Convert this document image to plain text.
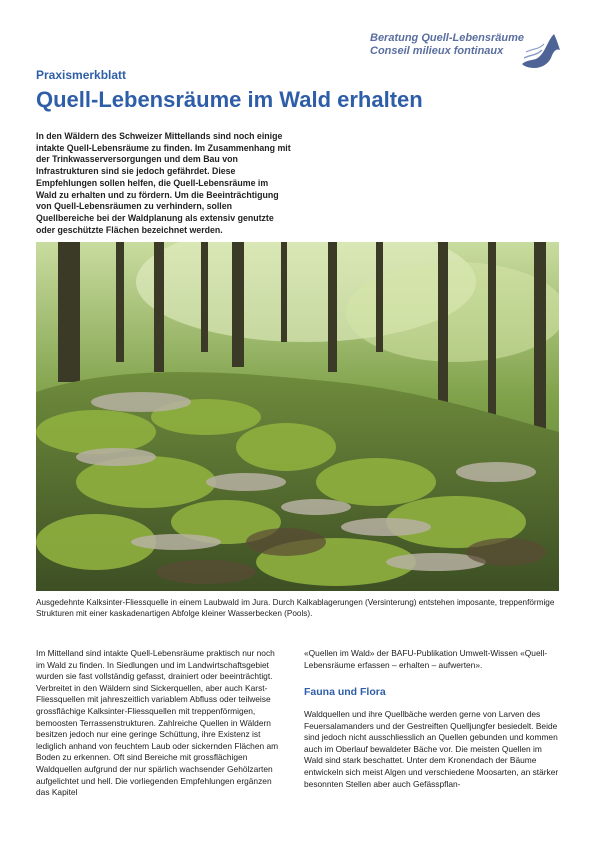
Beratung Quell-Lebensräume
Conseil milieux fontinaux
Praxismerkblatt
Quell-Lebensräume im Wald erhalten

In den Wäldern des Schweizer Mittellands sind noch einige intakte Quell-Lebensräume zu finden. Im Zusammenhang mit der Trinkwasserversorgungen und dem Bau von Infrastrukturen sind sie jedoch gefährdet. Diese Empfehlungen sollen helfen, die Quell-Lebensräume im Wald zu erhalten und zu fördern. Um die Beeinträchtigung von Quell-Lebensräumen zu verhindern, sollen Quellbereiche bei der Waldplanung als extensiv genutzte oder geschützte Flächen bezeichnet werden.

Ausgedehnte Kalksinter-Fliessquelle in einem Laubwald im Jura. Durch Kalkablagerungen (Versinterung) entstehen imposante, treppenförmige Strukturen mit einer kaskadenartigen Abfolge kleiner Wasserbecken (Pools).

Im Mittelland sind intakte Quell-Lebensräume praktisch nur noch im Wald zu finden. In Siedlungen und im Landwirtschaftsgebiet wurden sie fast vollständig gefasst, drainiert oder beeinträchtigt. Verbreitet in den Wäldern sind Sickerquellen, aber auch Karst-Fliessquellen mit jahreszeitlich variablem Abfluss oder teilweise grossflächige Kalksinter-Fliessquellen mit treppenförmigen, bemoosten Terrassenstrukturen. Zahlreiche Quellen in Wäldern besitzen jedoch nur eine geringe Schüttung, ihre Existenz ist lediglich anhand von feuchtem Laub oder sickernden Flächen am Boden zu erkennen. Oft sind Bereiche mit grossflächigen Waldquellen aufgrund der nur spärlich wachsender Gehölzarten aufgelichtet und hell. Die vorliegenden Empfehlungen ergänzen das Kapitel

«Quellen im Wald» der BAFU-Publikation Umwelt-Wissen «Quell-Lebensräume erfassen – erhalten – aufwerten».

Fauna und Flora

Waldquellen und ihre Quellbäche werden gerne von Larven des Feuersalamanders und der Gestreiften Quelljungfer besiedelt. Beide sind jedoch nicht ausschliesslich an Quellen gebunden und kommen auch im Oberlauf bewaldeter Bäche vor. Die meisten Quellen im Wald sind stark beschattet. Unter dem Kronendach der Bäume entwickeln sich meist Algen und verschiedene Moosarten, an stärker besonnten Stellen aber auch Gefässpflan-
